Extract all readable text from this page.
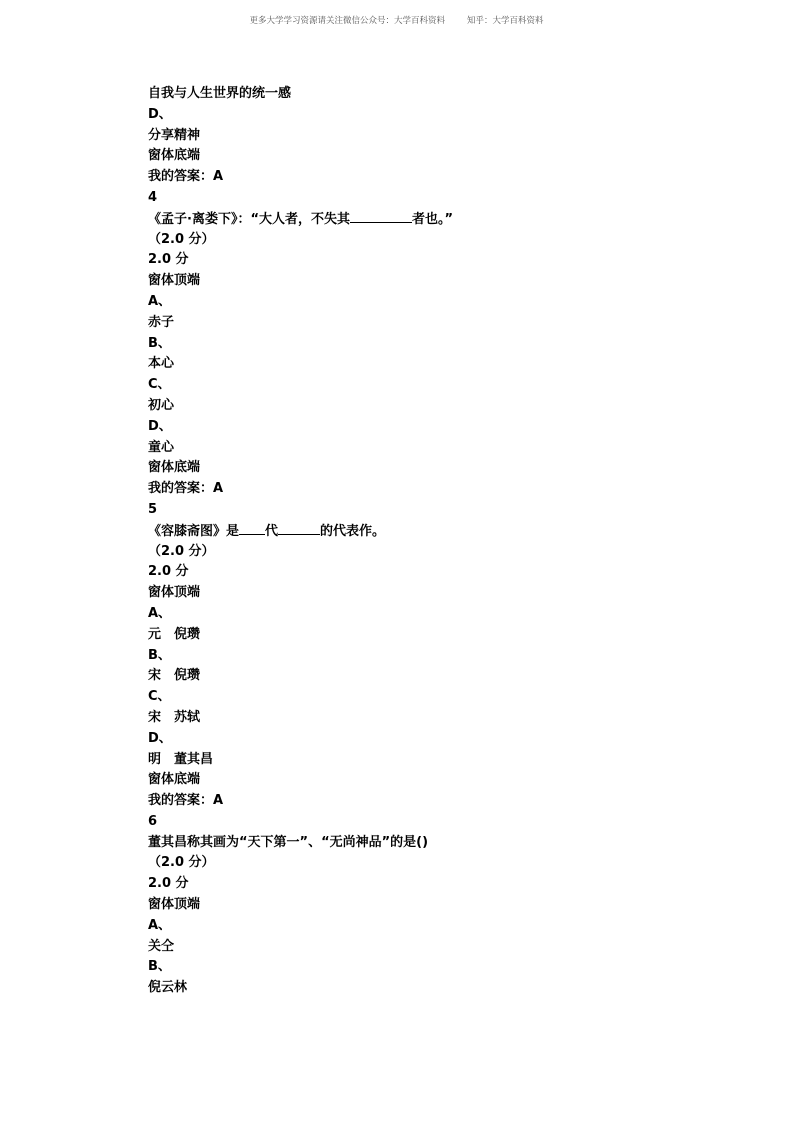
更多大学学习资源请关注微信公众号：大学百科资料	知乎：大学百科资料
自我与人生世界的统一感
D、
分享精神
窗体底端
我的答案：A
4
《孟子·离娄下》：“大人者，不失其	者也。”
（2.0 分）
2.0 分
窗体顶端
A、
赤子
B、
本心
C、
初心
D、
童心
窗体底端
我的答案：A
5
《容膝斋图》是 代	的代表作。
（2.0 分）
2.0 分
窗体顶端
A、
元　倪瓒
B、
宋　倪瓒
C、
宋　苏轼
D、
明　董其昌
窗体底端
我的答案：A
6
董其昌称其画为“天下第一”、“无尚神品”的是()
（2.0 分）
2.0 分
窗体顶端
A、
关仝
B、
倪云林
